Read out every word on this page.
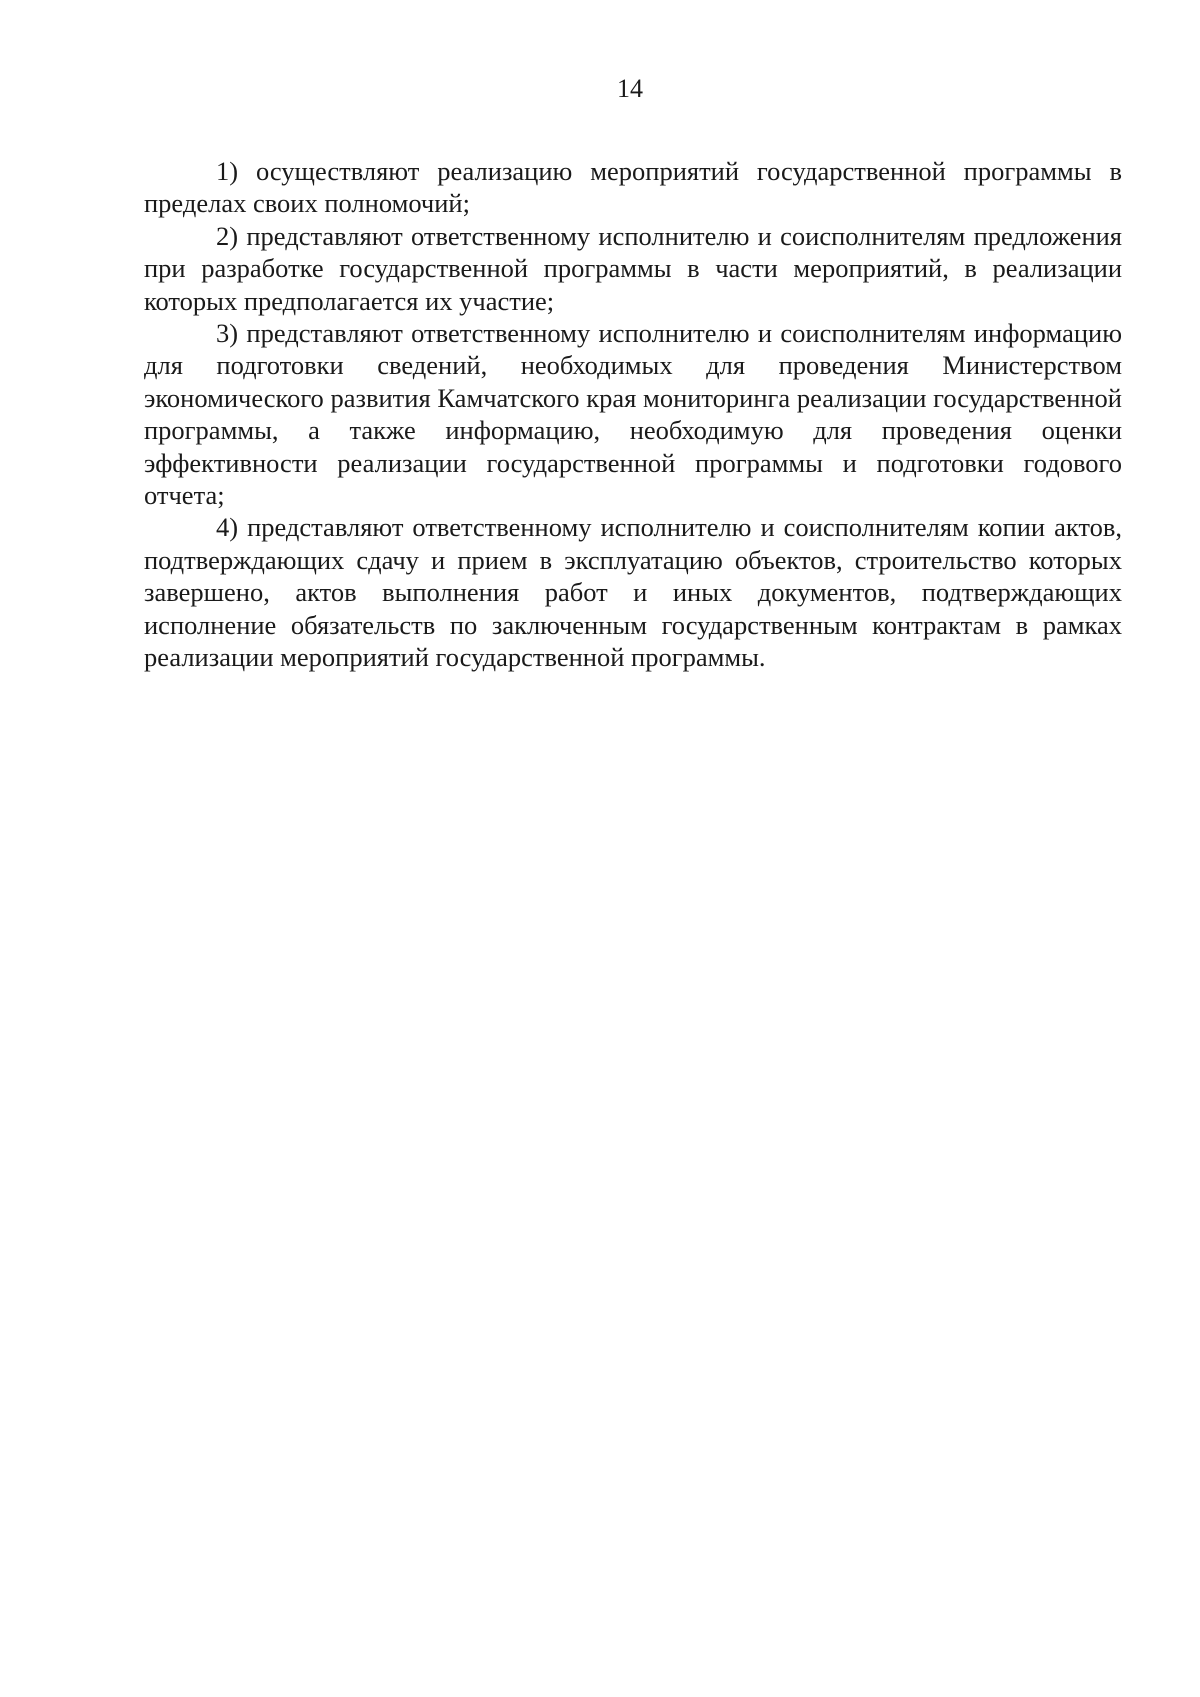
14

1) осуществляют реализацию мероприятий государственной программы в пределах своих полномочий;

2) представляют ответственному исполнителю и соисполнителям предложения при разработке государственной программы в части мероприятий, в реализации которых предполагается их участие;

3) представляют ответственному исполнителю и соисполнителям информацию для подготовки сведений, необходимых для проведения Министерством экономического развития Камчатского края мониторинга реализации государственной программы, а также информацию, необходимую для проведения оценки эффективности реализации государственной программы и подготовки годового отчета;

4) представляют ответственному исполнителю и соисполнителям копии актов, подтверждающих сдачу и прием в эксплуатацию объектов, строительство которых завершено, актов выполнения работ и иных документов, подтверждающих исполнение обязательств по заключенным государственным контрактам в рамках реализации мероприятий государственной программы.
